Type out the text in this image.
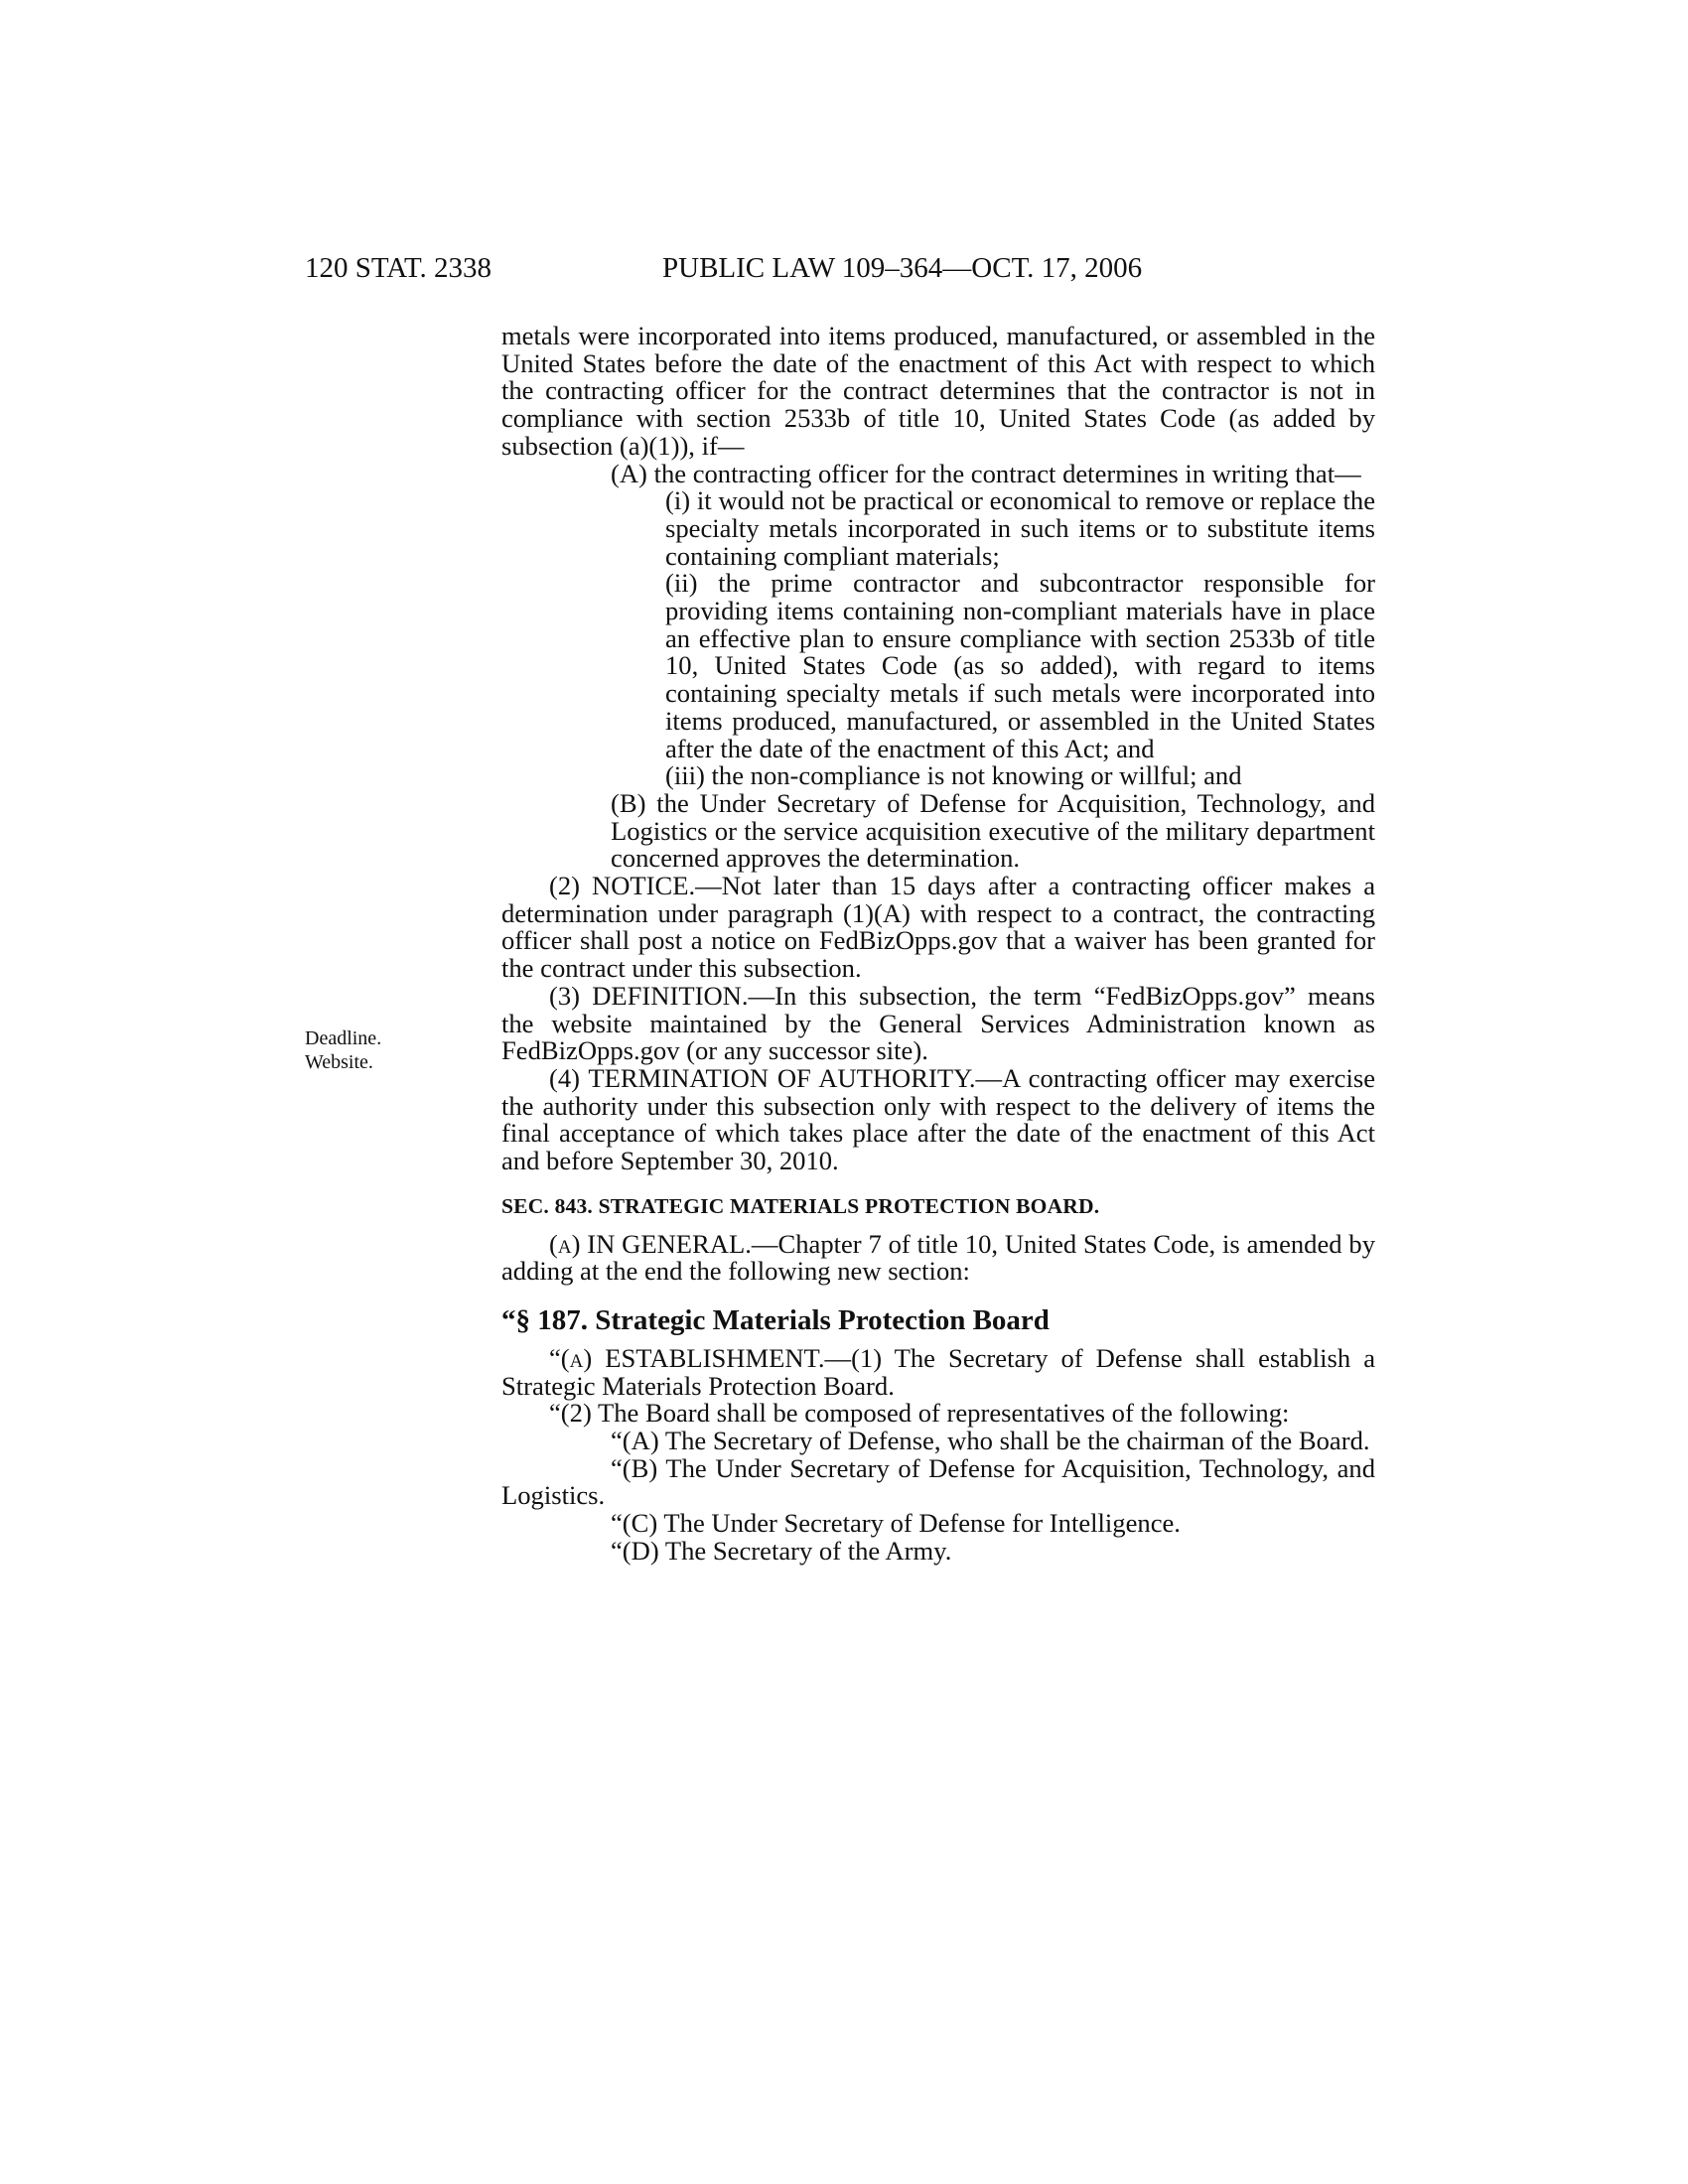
120 STAT. 2338	PUBLIC LAW 109–364—OCT. 17, 2006
Deadline.
Website.

metals were incorporated into items produced, manufactured, or assembled in the United States before the date of the enactment of this Act with respect to which the contracting officer for the contract determines that the contractor is not in compliance with section 2533b of title 10, United States Code (as added by subsection (a)(1)), if—

(A) the contracting officer for the contract determines in writing that—

(i) it would not be practical or economical to remove or replace the specialty metals incorporated in such items or to substitute items containing compliant materials;

(ii) the prime contractor and subcontractor responsible for providing items containing non-compliant materials have in place an effective plan to ensure compliance with section 2533b of title 10, United States Code (as so added), with regard to items containing specialty metals if such metals were incorporated into items produced, manufactured, or assembled in the United States after the date of the enactment of this Act; and

(iii) the non-compliance is not knowing or willful; and

(B) the Under Secretary of Defense for Acquisition, Technology, and Logistics or the service acquisition executive of the military department concerned approves the determination.

(2) NOTICE.—Not later than 15 days after a contracting officer makes a determination under paragraph (1)(A) with respect to a contract, the contracting officer shall post a notice on FedBizOpps.gov that a waiver has been granted for the contract under this subsection.

(3) DEFINITION.—In this subsection, the term “FedBizOpps.gov” means the website maintained by the General Services Administration known as FedBizOpps.gov (or any successor site).

(4) TERMINATION OF AUTHORITY.—A contracting officer may exercise the authority under this subsection only with respect to the delivery of items the final acceptance of which takes place after the date of the enactment of this Act and before September 30, 2010.

SEC. 843. STRATEGIC MATERIALS PROTECTION BOARD.

(a) IN GENERAL.—Chapter 7 of title 10, United States Code, is amended by adding at the end the following new section:

“§ 187. Strategic Materials Protection Board

“(a) ESTABLISHMENT.—(1) The Secretary of Defense shall establish a Strategic Materials Protection Board.

“(2) The Board shall be composed of representatives of the following:

“(A) The Secretary of Defense, who shall be the chairman of the Board.

“(B) The Under Secretary of Defense for Acquisition, Technology, and Logistics.

“(C) The Under Secretary of Defense for Intelligence.

“(D) The Secretary of the Army.
